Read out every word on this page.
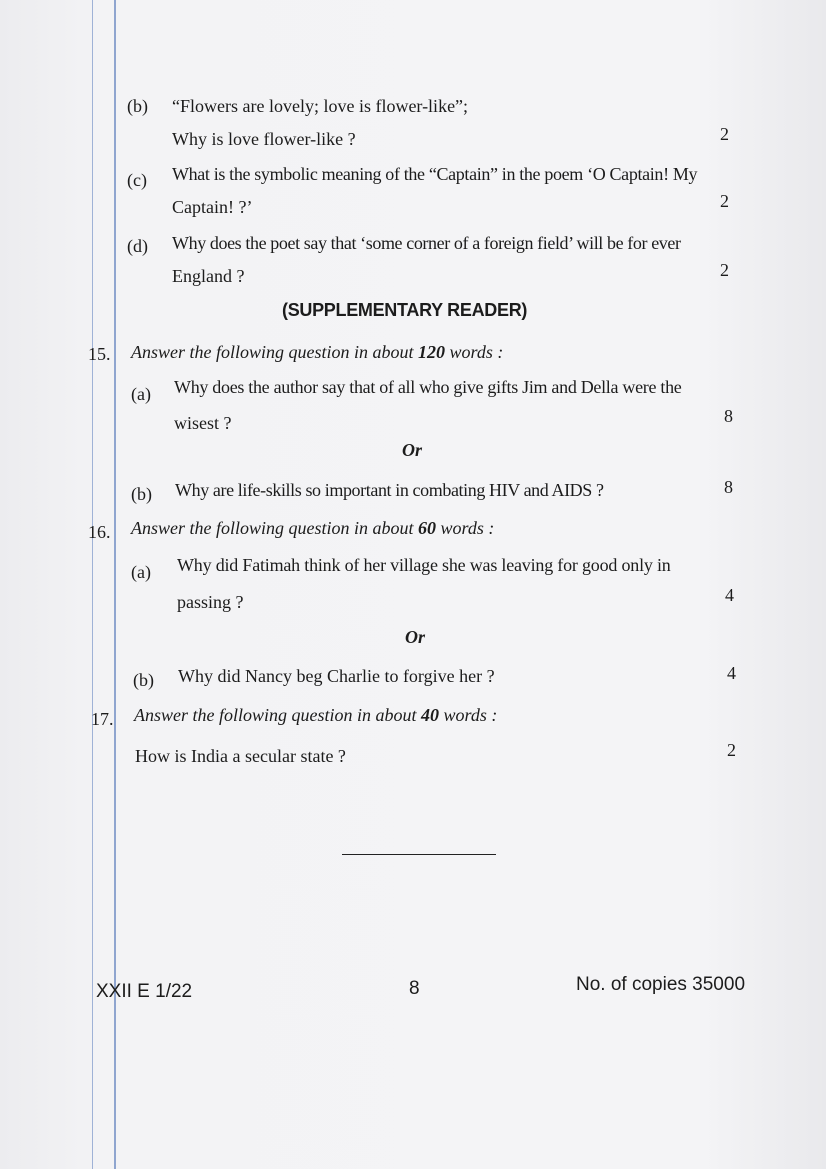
(b) “Flowers are lovely; love is flower-like”;
Why is love flower-like ?	2
(c) What is the symbolic meaning of the “Captain” in the poem ‘O Captain! My
Captain! ?’	2
(d) Why does the poet say that ‘some corner of a foreign field’ will be for ever
England ?	2
(SUPPLEMENTARY READER)
15. Answer the following question in about 120 words :
(a) Why does the author say that of all who give gifts Jim and Della were the
wisest ?	8
Or
(b) Why are life-skills so important in combating HIV and AIDS ?	8
16. Answer the following question in about 60 words :
(a) Why did Fatimah think of her village she was leaving for good only in
passing ?	4
Or
(b) Why did Nancy beg Charlie to forgive her ?	4
17. Answer the following question in about 40 words :
How is India a secular state ?	2
XXII E 1/22	8	No. of copies 35000
